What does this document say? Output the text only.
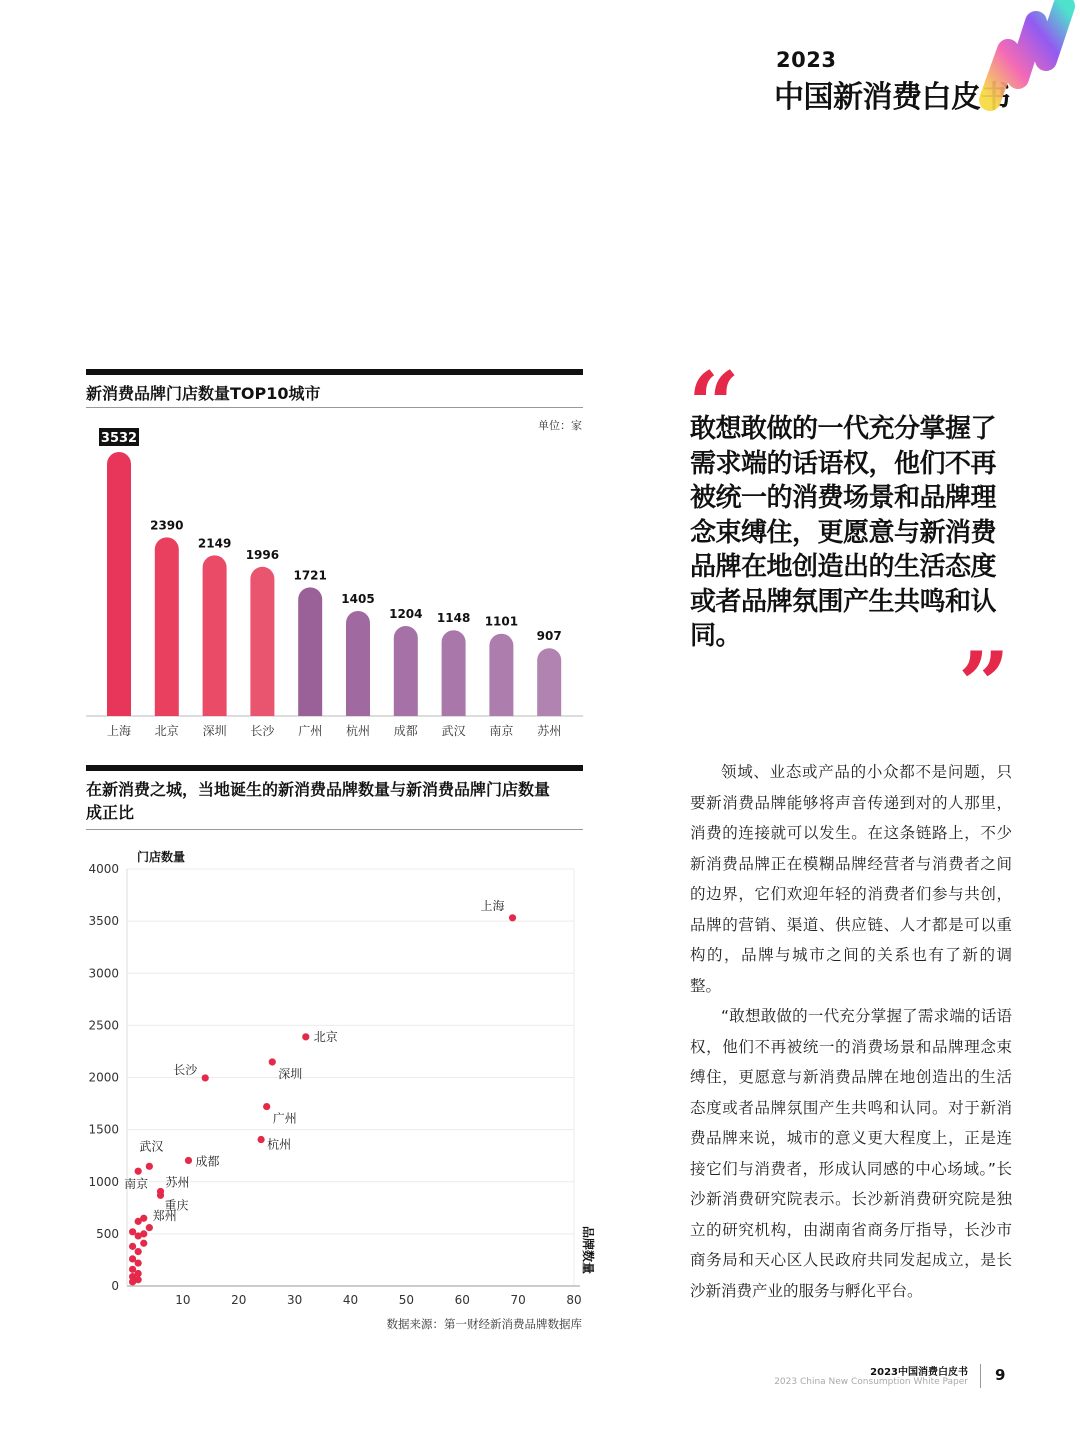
2023
中国新消费白皮书
新消费品牌门店数量TOP10城市
单位：家
3532
上海
2390
北京
2149
深圳
1996
长沙
1721
广州
1405
杭州
1204
成都
1148
武汉
1101
南京
907
苏州
在新消费之城，当地诞生的新消费品牌数量与新消费品牌门店数量
成正比
0
500
1000
1500
2000
2500
3000
3500
4000
10	20	30	40	50	60	70	80
门店数量
品牌数量
上海
北京
深圳
长沙
广州
杭州
成都
武汉
南京 苏州
重庆
郑州
数据来源：第一财经新消费品牌数据库
“
敢想敢做的一代充分掌握了需求端的话语权，他们不再被统一的消费场景和品牌理念束缚住，更愿意与新消费品牌在地创造出的生活态度或者品牌氛围产生共鸣和认同。	”

领域、业态或产品的小众都不是问题，只要新消费品牌能够将声音传递到对的人那里，消费的连接就可以发生。在这条链路上，不少新消费品牌正在模糊品牌经营者与消费者之间的边界，它们欢迎年轻的消费者们参与共创，品牌的营销、渠道、供应链、人才都是可以重构的，品牌与城市之间的关系也有了新的调整。

“敢想敢做的一代充分掌握了需求端的话语权，他们不再被统一的消费场景和品牌理念束缚住，更愿意与新消费品牌在地创造出的生活态度或者品牌氛围产生共鸣和认同。对于新消费品牌来说，城市的意义更大程度上，正是连接它们与消费者，形成认同感的中心场域。”长沙新消费研究院表示。长沙新消费研究院是独立的研究机构，由湖南省商务厅指导，长沙市商务局和天心区人民政府共同发起成立，是长沙新消费产业的服务与孵化平台。

2023中国消费白皮书
2023 China New Consumption White Paper 9
